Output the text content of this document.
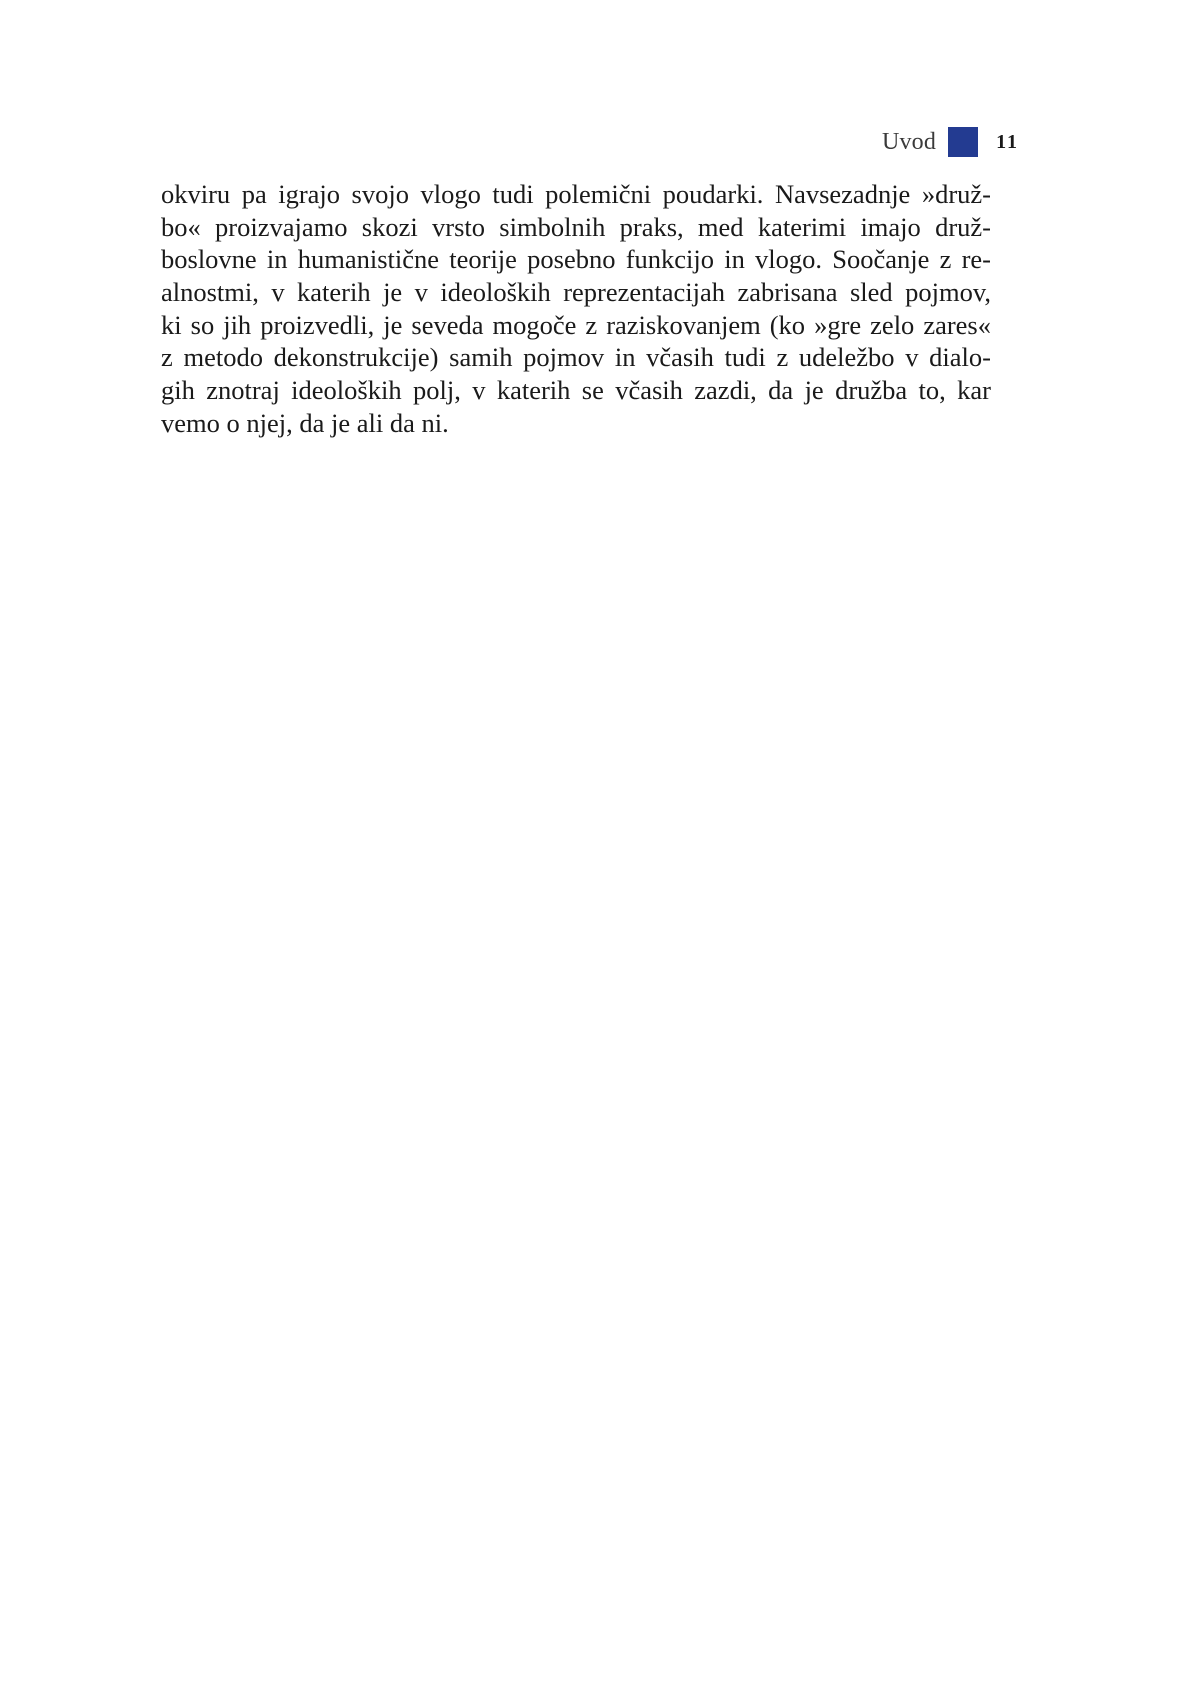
Uvod	11

okviru pa igrajo svojo vlogo tudi polemični poudarki. Navsezadnje »druž-
bo« proizvajamo skozi vrsto simbolnih praks, med katerimi imajo druž-
boslovne in humanistične teorije posebno funkcijo in vlogo. Soočanje z re-
alnostmi, v katerih je v ideoloških reprezentacijah zabrisana sled pojmov,
ki so jih proizvedli, je seveda mogoče z raziskovanjem (ko »gre zelo zares«
z metodo dekonstrukcije) samih pojmov in včasih tudi z udeležbo v dialo-
gih znotraj ideoloških polj, v katerih se včasih zazdi, da je družba to, kar
vemo o njej, da je ali da ni.
